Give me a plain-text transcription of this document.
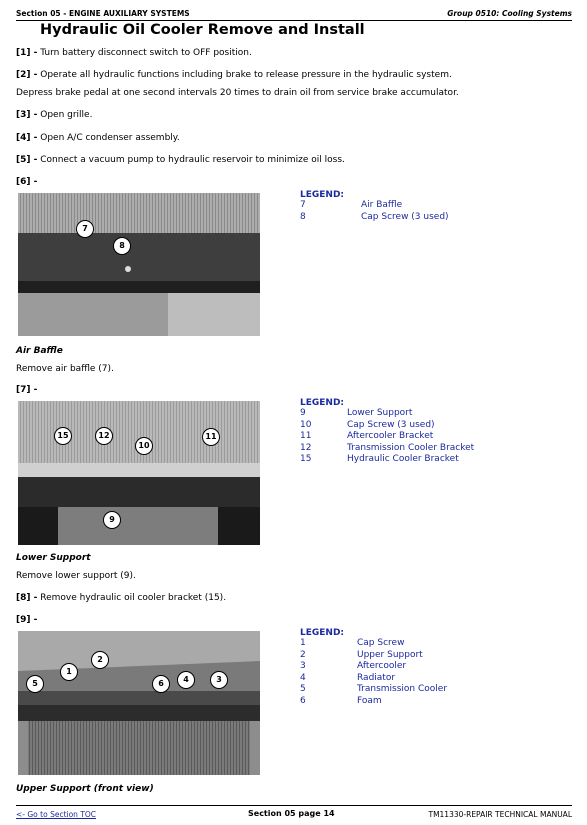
Section 05 - ENGINE AUXILIARY SYSTEMS	Group 0510: Cooling Systems
Hydraulic Oil Cooler Remove and Install
[1] - Turn battery disconnect switch to OFF position.
[2] - Operate all hydraulic functions including brake to release pressure in the hydraulic system.
Depress brake pedal at one second intervals 20 times to drain oil from service brake accumulator.
[3] - Open grille.
[4] - Open A/C condenser assembly.
[5] - Connect a vacuum pump to hydraulic reservoir to minimize oil loss.
[6] -
7
8
LEGEND:
7	Air Baffle
8	Cap Screw (3 used)
Air Baffle
Remove air baffle (7).
[7] -
15	12
10
11
9
LEGEND:
9	Lower Support
10	Cap Screw (3 used)
11	Aftercooler Bracket
12	Transmission Cooler Bracket
15	Hydraulic Cooler Bracket
Lower Support
Remove lower support (9).
[8] - Remove hydraulic oil cooler bracket (15).
[9] -
1
2
5	6	4	3
LEGEND:
1	Cap Screw
2	Upper Support
3	Aftercooler
4	Radiator
5	Transmission Cooler
6	Foam
Upper Support (front view)
<- Go to Section TOC	Section 05 page 14	TM11330-REPAIR TECHNICAL MANUAL
